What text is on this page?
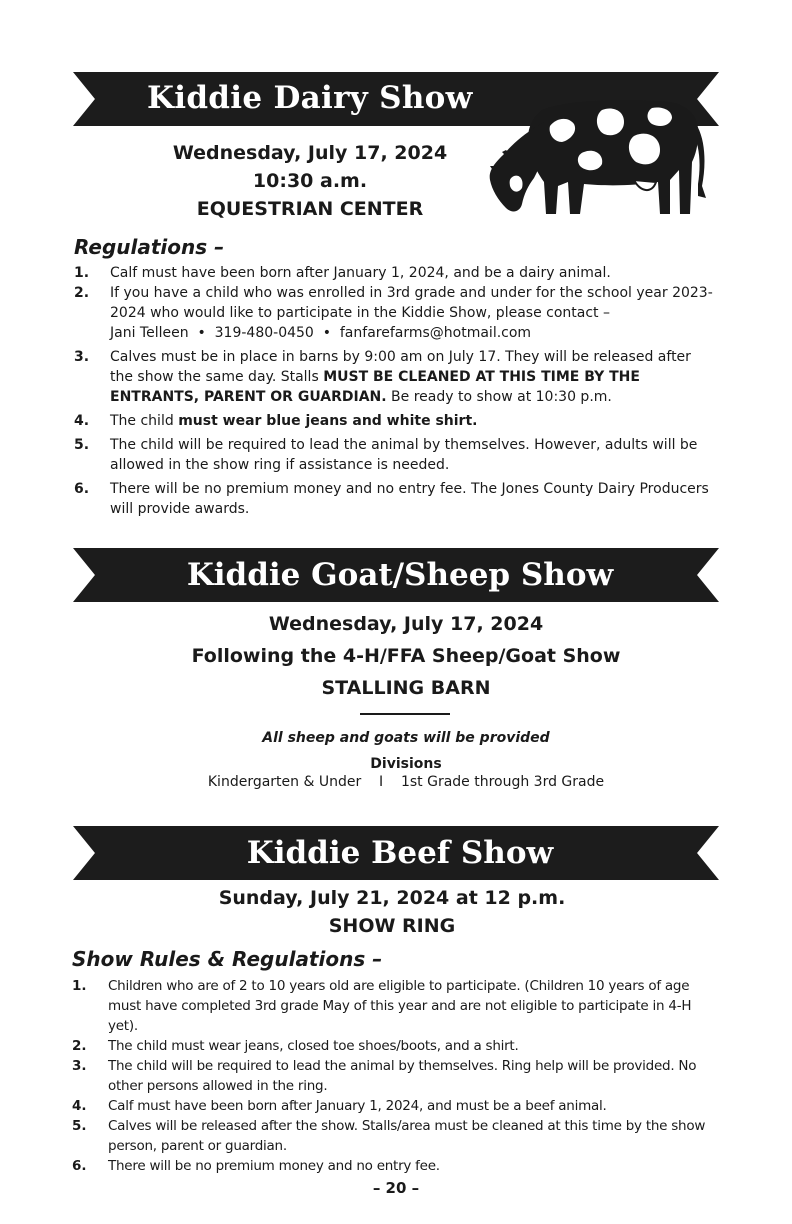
Kiddie Dairy Show
Wednesday, July 17, 2024
10:30 a.m.
EQUESTRIAN CENTER
Regulations –
1.	Calf must have been born after January 1, 2024, and be a dairy animal.
2.	If you have a child who was enrolled in 3rd grade and under for the school year 2023-2024 who would like to participate in the Kiddie Show, please contact –
Jani Telleen  •  319-480-0450  •  fanfarefarms@hotmail.com
3.	Calves must be in place in barns by 9:00 am on July 17. They will be released after the show the same day. Stalls MUST BE CLEANED AT THIS TIME BY THE ENTRANTS, PARENT OR GUARDIAN. Be ready to show at 10:30 p.m.
4.	The child must wear blue jeans and white shirt.
5.	The child will be required to lead the animal by themselves. However, adults will be allowed in the show ring if assistance is needed.
6.	There will be no premium money and no entry fee. The Jones County Dairy Producers will provide awards.
Kiddie Goat/Sheep Show
Wednesday, July 17, 2024
Following the 4-H/FFA Sheep/Goat Show
STALLING BARN
All sheep and goats will be provided
Divisions
Kindergarten & Under    I    1st Grade through 3rd Grade
Kiddie Beef Show
Sunday, July 21, 2024 at 12 p.m.
SHOW RING
Show Rules & Regulations –
1.	Children who are of 2 to 10 years old are eligible to participate. (Children 10 years of age must have completed 3rd grade May of this year and are not eligible to participate in 4-H yet).
2.	The child must wear jeans, closed toe shoes/boots, and a shirt.
3.	The child will be required to lead the animal by themselves. Ring help will be provided. No other persons allowed in the ring.
4.	Calf must have been born after January 1, 2024, and must be a beef animal.
5.	Calves will be released after the show. Stalls/area must be cleaned at this time by the show person, parent or guardian.
6.	There will be no premium money and no entry fee.
– 20 –
